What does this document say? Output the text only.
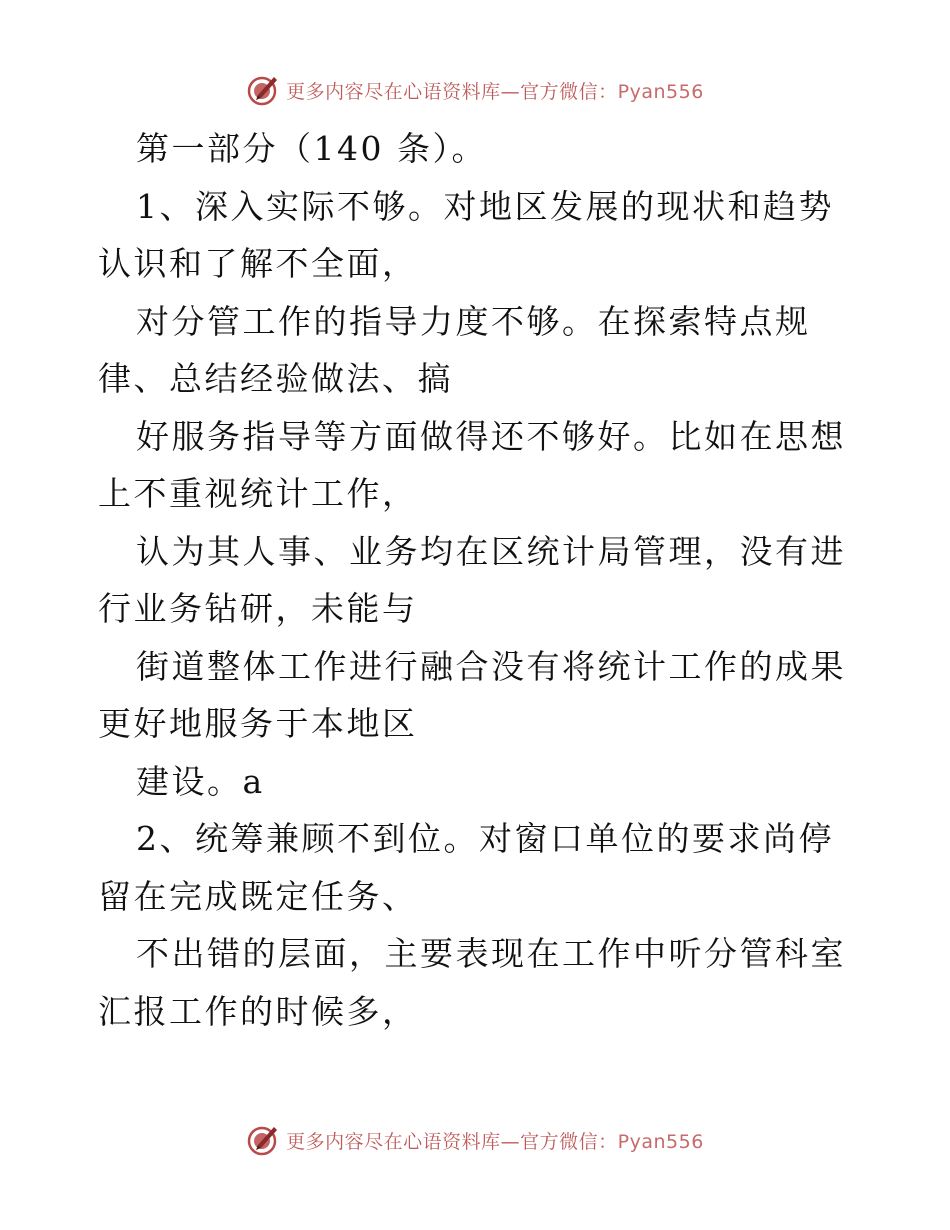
更多内容尽在心语资料库—官方微信：Pyan556

第一部分（140 条）。

1、深入实际不够。对地区发展的现状和趋势认识和了解不全面，

对分管工作的指导力度不够。在探索特点规律、总结经验做法、搞

好服务指导等方面做得还不够好。比如在思想上不重视统计工作，

认为其人事、业务均在区统计局管理，没有进行业务钻研，未能与

街道整体工作进行融合没有将统计工作的成果更好地服务于本地区

建设。a

2、统筹兼顾不到位。对窗口单位的要求尚停留在完成既定任务、

不出错的层面，主要表现在工作中听分管科室汇报工作的时候多，

更多内容尽在心语资料库—官方微信：Pyan556
